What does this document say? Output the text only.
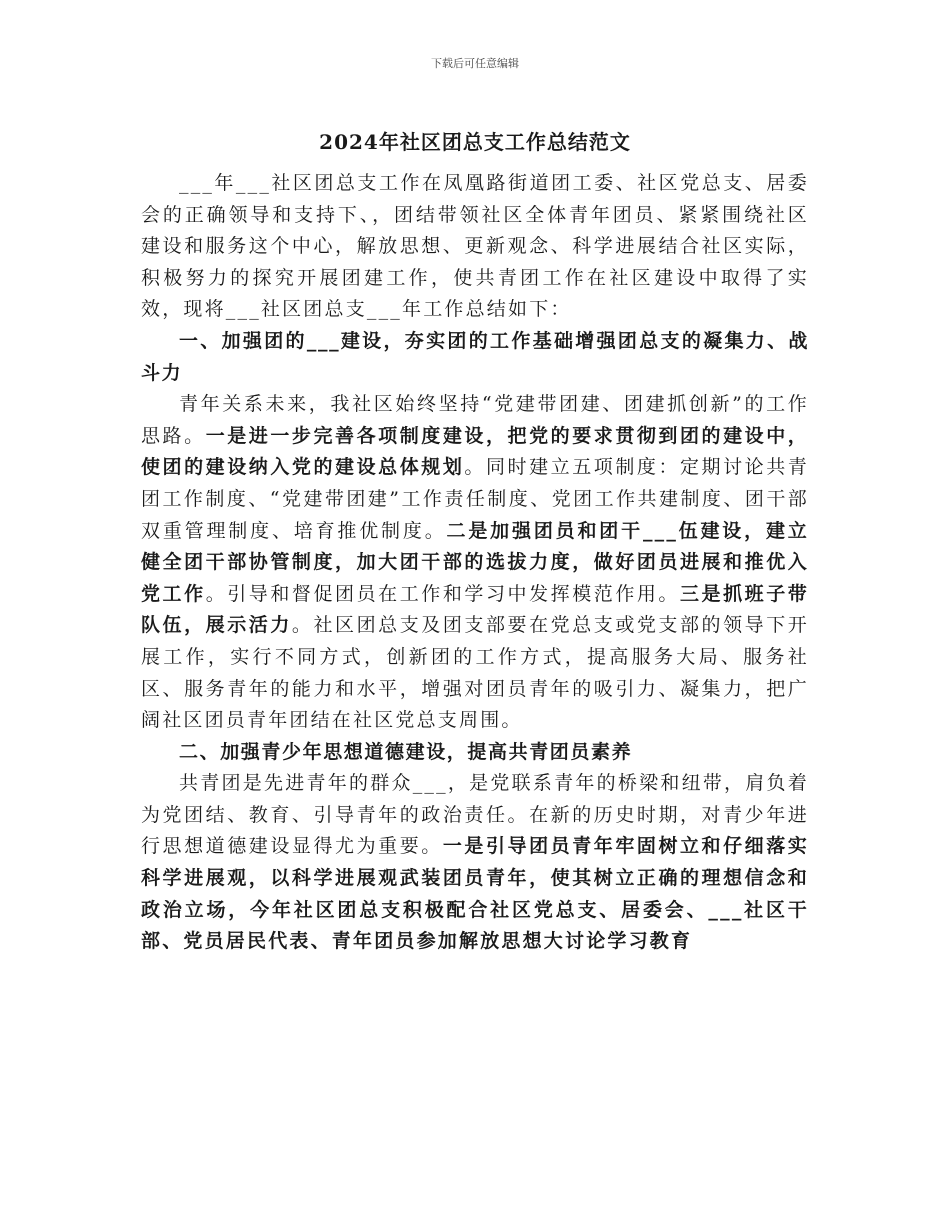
下载后可任意编辑
2024年社区团总支工作总结范文

___年___社区团总支工作在凤凰路街道团工委、社区党总支、居委会的正确领导和支持下、，团结带领社区全体青年团员、紧紧围绕社区建设和服务这个中心，解放思想、更新观念、科学进展结合社区实际，积极努力的探究开展团建工作，使共青团工作在社区建设中取得了实效，现将___社区团总支___年工作总结如下：

一、加强团的___建设，夯实团的工作基础增强团总支的凝集力、战斗力

青年关系未来，我社区始终坚持“党建带团建、团建抓创新”的工作思路。一是进一步完善各项制度建设，把党的要求贯彻到团的建设中，使团的建设纳入党的建设总体规划。同时建立五项制度：定期讨论共青团工作制度、“党建带团建”工作责任制度、党团工作共建制度、团干部双重管理制度、培育推优制度。二是加强团员和团干___伍建设，建立健全团干部协管制度，加大团干部的选拔力度，做好团员进展和推优入党工作。引导和督促团员在工作和学习中发挥模范作用。三是抓班子带队伍，展示活力。社区团总支及团支部要在党总支或党支部的领导下开展工作，实行不同方式，创新团的工作方式，提高服务大局、服务社区、服务青年的能力和水平，增强对团员青年的吸引力、凝集力，把广阔社区团员青年团结在社区党总支周围。

二、加强青少年思想道德建设，提高共青团员素养

共青团是先进青年的群众___，是党联系青年的桥梁和纽带，肩负着为党团结、教育、引导青年的政治责任。在新的历史时期，对青少年进行思想道德建设显得尤为重要。一是引导团员青年牢固树立和仔细落实科学进展观，以科学进展观武装团员青年，使其树立正确的理想信念和政治立场，今年社区团总支积极配合社区党总支、居委会、___社区干部、党员居民代表、青年团员参加解放思想大讨论学习教育
